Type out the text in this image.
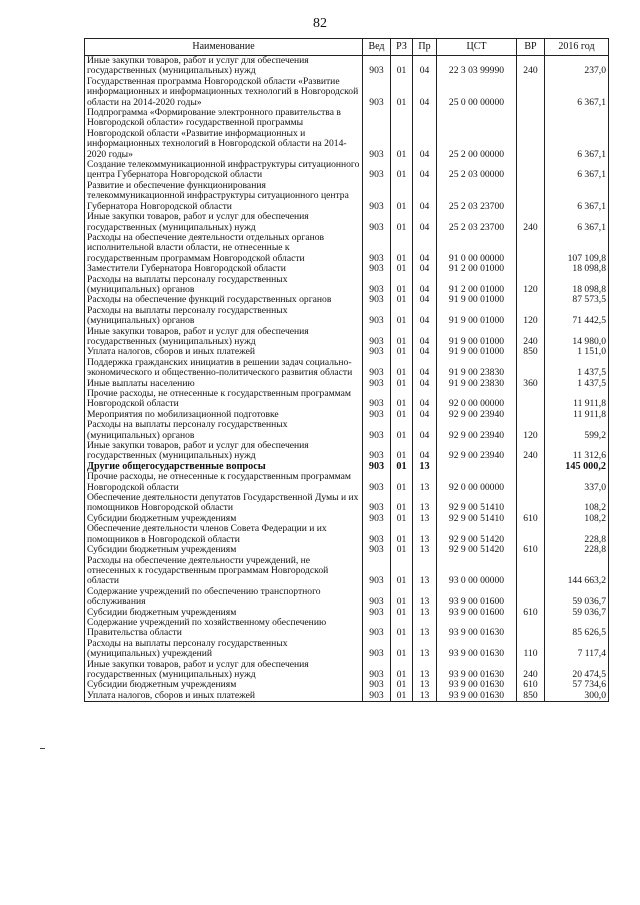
82
Наименование	Вед	РЗ	Пр	ЦСТ	ВР	2016 год
Иные закупки товаров, работ и услуг для обеспечения государственных (муниципальных) нужд	903	01	04	22 3 03 99990	240	237,0
Государственная программа Новгородской области «Развитие информационных и информационных технологий в Новгородской области на 2014-2020 годы»	903	01	04	25 0 00 00000		6 367,1
Подпрограмма «Формирование электронного правительства в Новгородской области» государственной программы Новгородской области «Развитие информационных и информационных технологий в Новгородской области на 2014-2020 годы»	903	01	04	25 2 00 00000		6 367,1
Создание телекоммуникационной инфраструктуры ситуационного центра Губернатора Новгородской области	903	01	04	25 2 03 00000		6 367,1
Развитие и обеспечение функционирования телекоммуникационной инфраструктуры ситуационного центра Губернатора Новгородской области	903	01	04	25 2 03 23700		6 367,1
Иные закупки товаров, работ и услуг для обеспечения государственных (муниципальных) нужд	903	01	04	25 2 03 23700	240	6 367,1
Расходы на обеспечение деятельности отдельных органов исполнительной власти области, не отнесенные к государственным программам Новгородской области	903	01	04	91 0 00 00000		107 109,8
Заместители Губернатора Новгородской области	903	01	04	91 2 00 01000		18 098,8
Расходы на выплаты персоналу государственных (муниципальных) органов	903	01	04	91 2 00 01000	120	18 098,8
Расходы на обеспечение функций государственных органов	903	01	04	91 9 00 01000		87 573,5
Расходы на выплаты персоналу государственных (муниципальных) органов	903	01	04	91 9 00 01000	120	71 442,5
Иные закупки товаров, работ и услуг для обеспечения государственных (муниципальных) нужд	903	01	04	91 9 00 01000	240	14 980,0
Уплата налогов, сборов и иных платежей	903	01	04	91 9 00 01000	850	1 151,0
Поддержка гражданских инициатив в решении задач социально-экономического и общественно-политического развития области	903	01	04	91 9 00 23830		1 437,5
Иные выплаты населению	903	01	04	91 9 00 23830	360	1 437,5
Прочие расходы, не отнесенные к государственным программам Новгородской области	903	01	04	92 0 00 00000		11 911,8
Мероприятия по мобилизационной подготовке	903	01	04	92 9 00 23940		11 911,8
Расходы на выплаты персоналу государственных (муниципальных) органов	903	01	04	92 9 00 23940	120	599,2
Иные закупки товаров, работ и услуг для обеспечения государственных (муниципальных) нужд	903	01	04	92 9 00 23940	240	11 312,6
Другие общегосударственные вопросы	903	01	13			145 000,2
Прочие расходы, не отнесенные к государственным программам Новгородской области	903	01	13	92 0 00 00000		337,0
Обеспечение деятельности депутатов Государственной Думы и их помощников Новгородской области	903	01	13	92 9 00 51410		108,2
Субсидии бюджетным учреждениям	903	01	13	92 9 00 51410	610	108,2
Обеспечение деятельности членов Совета Федерации и их помощников в Новгородской области	903	01	13	92 9 00 51420		228,8
Субсидии бюджетным учреждениям	903	01	13	92 9 00 51420	610	228,8
Расходы на обеспечение деятельности учреждений, не отнесенных к государственным программам Новгородской области	903	01	13	93 0 00 00000		144 663,2
Содержание учреждений по обеспечению транспортного обслуживания	903	01	13	93 9 00 01600		59 036,7
Субсидии бюджетным учреждениям	903	01	13	93 9 00 01600	610	59 036,7
Содержание учреждений по хозяйственному обеспечению Правительства области	903	01	13	93 9 00 01630		85 626,5
Расходы на выплаты персоналу государственных (муниципальных) учреждений	903	01	13	93 9 00 01630	110	7 117,4
Иные закупки товаров, работ и услуг для обеспечения государственных (муниципальных) нужд	903	01	13	93 9 00 01630	240	20 474,5
Субсидии бюджетным учреждениям	903	01	13	93 9 00 01630	610	57 734,6
Уплата налогов, сборов и иных платежей	903	01	13	93 9 00 01630	850	300,0
